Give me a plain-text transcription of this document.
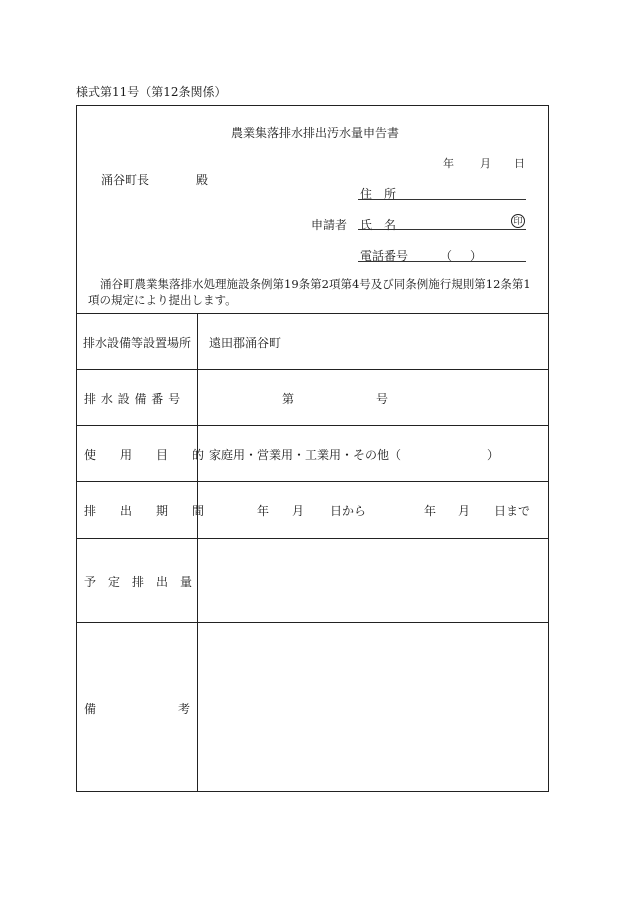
様式第11号（第12条関係）
農業集落排水排出汚水量申告書
年 月 日
涌谷町長	殿
住　所
申請者 氏　名	印
電話番号	（ ）
涌谷町農業集落排水処理施設条例第19条第2項第4号及び同条例施行規則第12条第1項の規定により提出します。
排水設備等設置場所 遠田郡涌谷町
排 水 設 備 番 号	第	号
使　　用　　目　　的 家庭用・営業用・工業用・その他（	）
排　　出　　期　　間	年 月 日から	年 月 日まで
予　定　排　出　量
備	考
